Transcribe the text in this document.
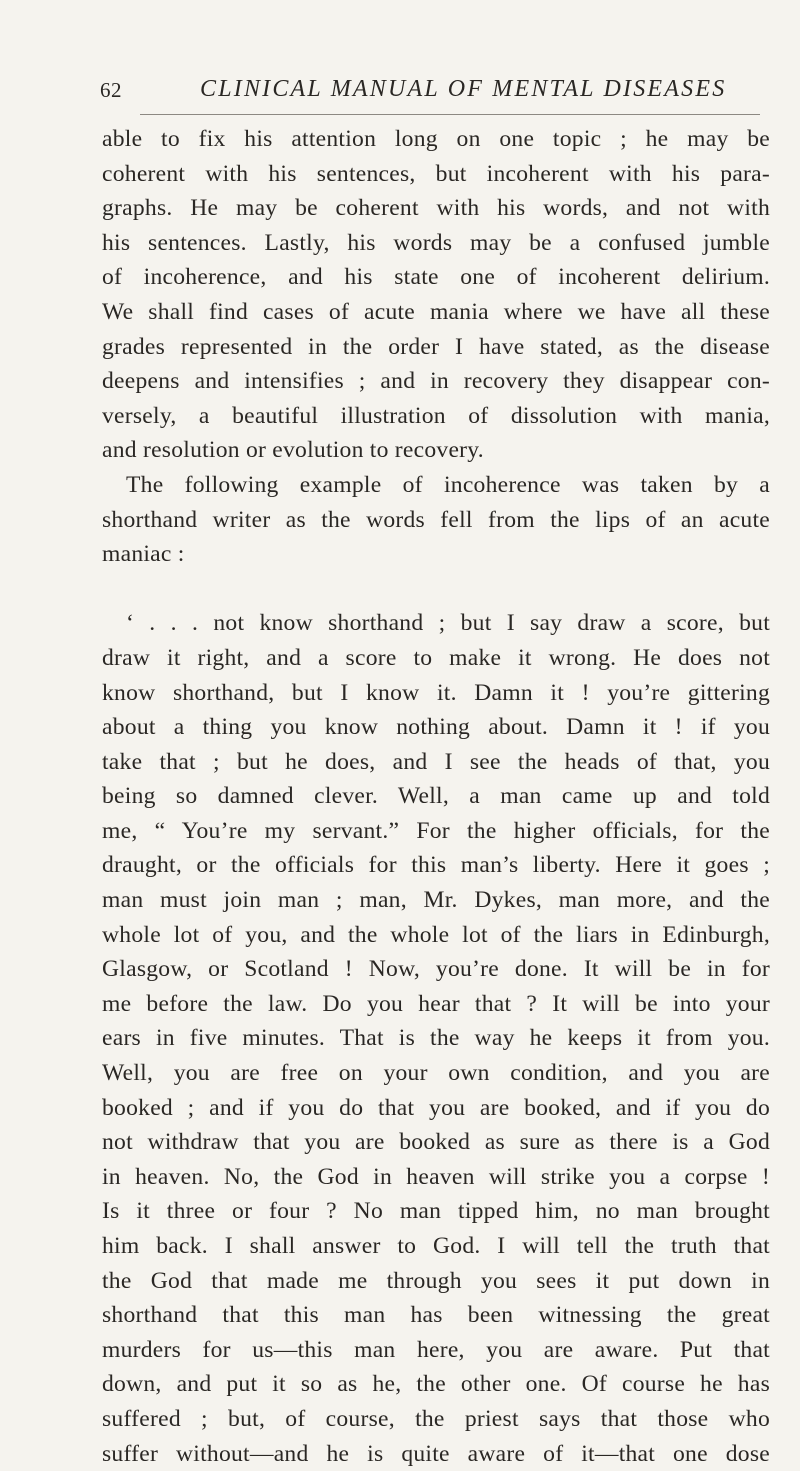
62	CLINICAL MANUAL OF MENTAL DISEASES
able to fix his attention long on one topic ; he may be
coherent with his sentences, but incoherent with his para-
graphs. He may be coherent with his words, and not with
his sentences. Lastly, his words may be a confused jumble
of incoherence, and his state one of incoherent delirium.
We shall find cases of acute mania where we have all these
grades represented in the order I have stated, as the disease
deepens and intensifies ; and in recovery they disappear con-
versely, a beautiful illustration of dissolution with mania,
and resolution or evolution to recovery.
The following example of incoherence was taken by a
shorthand writer as the words fell from the lips of an acute
maniac :
‘ . . . not know shorthand ; but I say draw a score, but
draw it right, and a score to make it wrong. He does not
know shorthand, but I know it. Damn it ! you’re gittering
about a thing you know nothing about. Damn it ! if you
take that ; but he does, and I see the heads of that, you
being so damned clever. Well, a man came up and told
me, “ You’re my servant.” For the higher officials, for the
draught, or the officials for this man’s liberty. Here it goes ;
man must join man ; man, Mr. Dykes, man more, and the
whole lot of you, and the whole lot of the liars in Edinburgh,
Glasgow, or Scotland ! Now, you’re done. It will be in for
me before the law. Do you hear that ? It will be into your
ears in five minutes. That is the way he keeps it from you.
Well, you are free on your own condition, and you are
booked ; and if you do that you are booked, and if you do
not withdraw that you are booked as sure as there is a God
in heaven. No, the God in heaven will strike you a corpse !
Is it three or four ? No man tipped him, no man brought
him back. I shall answer to God. I will tell the truth that
the God that made me through you sees it put down in
shorthand that this man has been witnessing the great
murders for us—this man here, you are aware. Put that
down, and put it so as he, the other one. Of course he has
suffered ; but, of course, the priest says that those who
suffer without—and he is quite aware of it—that one dose
